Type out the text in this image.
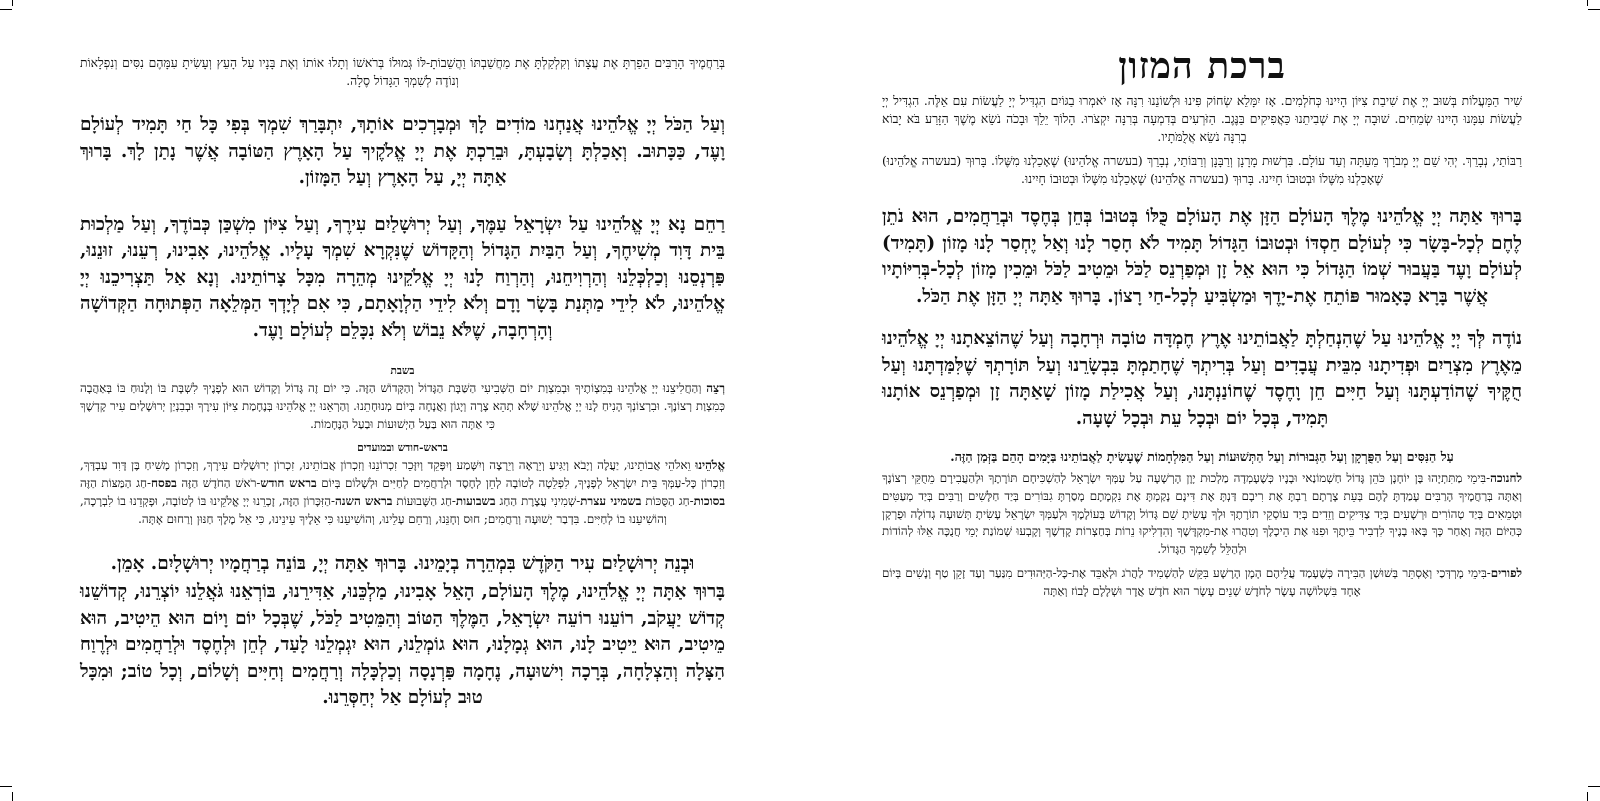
ברכת המזון

שִׁיר הַמַּעֲלוֹת בְּשׁוּב יְיָ אֶת שִׁיבַת צִיּוֹן הָיִינוּ כְּחֹלְמִים. אָז יִמָּלֵא שְׂחוֹק פִּינוּ וּלְשׁוֹנֵנוּ רִנָּה אָז יֹאמְרוּ בַגּוֹיִם הִגְדִּיל יְיָ לַעֲשׂוֹת עִם אֵלֶּה. הִגְדִּיל יְיָ לַעֲשׂוֹת עִמָּנוּ הָיִינוּ שְׂמֵחִים. שׁוּבָה יְיָ אֶת שְׁבִיתֵנוּ כַּאֲפִיקִים בַּנֶּגֶב. הַזֹּרְעִים בְּדִמְעָה בְּרִנָּה יִקְצֹרוּ. הָלוֹךְ יֵלֵךְ וּבָכֹה נֹשֵׂא מֶשֶׁךְ הַזָּרַע בֹּא יָבוֹא בְרִנָּה נֹשֵׂא אֲלֻמֹּתָיו.

רַבּוֹתַי, נְבָרֵךְ. יְהִי שֵׁם יְיָ מְבֹרָךְ מֵעַתָּה וְעַד עוֹלָם. בִּרְשׁוּת מָרָנָן וְרַבָּנָן וְרַבּוֹתַי, נְבָרֵךְ (בעשרה אֱלֹהֵינוּ) שֶׁאָכַלְנוּ מִשֶּׁלוֹ. בָּרוּךְ (בעשרה אֱלֹהֵינוּ) שֶׁאָכַלְנוּ מִשֶּׁלוֹ וּבְטוּבוֹ חָיִינוּ. בָּרוּךְ (בעשרה אֱלֹהֵינוּ) שֶׁאָכַלְנוּ מִשֶּׁלוֹ וּבְטוּבוֹ חָיִינוּ.

בָּרוּךְ אַתָּה יְיָ אֱלֹהֵינוּ מֶלֶךְ הָעוֹלָם הַזָּן אֶת הָעוֹלָם כֻּלּוֹ בְּטוּבוֹ בְּחֵן בְּחֶסֶד וּבְרַחֲמִים, הוּא נֹתֵן לֶחֶם לְכָל-בָּשָׂר כִּי לְעוֹלָם חַסְדּוֹ וּבְטוּבוֹ הַגָּדוֹל תָּמִיד לֹא חָסַר לָנוּ וְאַל יֶחְסַר לָנוּ מָזוֹן (תָּמִיד) לְעוֹלָם וָעֶד בַּעֲבוּר שְׁמוֹ הַגָּדוֹל כִּי הוּא אֵל זָן וּמְפַרְנֵס לַכֹּל וּמֵטִיב לַכֹּל וּמֵכִין מָזוֹן לְכָל-בְּרִיּוֹתָיו אֲשֶׁר בָּרָא כָּאָמוּר פּוֹתֵחַ אֶת-יָדֶךָ וּמַשְׂבִּיעַ לְכָל-חַי רָצוֹן. בָּרוּךְ אַתָּה יְיָ הַזָּן אֶת הַכֹּל.

נוֹדֶה לְּךָ יְיָ אֱלֹהֵינוּ עַל שֶׁהִנְחַלְתָּ לַאֲבוֹתֵינוּ אֶרֶץ חֶמְדָּה טוֹבָה וּרְחָבָה וְעַל שֶׁהוֹצֵאתָנוּ יְיָ אֱלֹהֵינוּ מֵאֶרֶץ מִצְרַיִם וּפְדִיתָנוּ מִבֵּית עֲבָדִים וְעַל בְּרִיתְךָ שֶׁחָתַמְתָּ בִּבְשָׂרֵנוּ וְעַל תּוֹרָתְךָ שֶׁלִּמַּדְתָּנוּ וְעַל חֻקֶּיךָ שֶׁהוֹדַעְתָּנוּ וְעַל חַיִּים חֵן וָחֶסֶד שֶׁחוֹנַנְתָּנוּ, וְעַל אֲכִילַת מָזוֹן שָׁאַתָּה זָן וּמְפַרְנֵס אוֹתָנוּ תָּמִיד, בְּכָל יוֹם וּבְכָל עֵת וּבְכָל שָׁעָה.

עַל הַנִּסִּים וְעַל הַפֻּרְקָן וְעַל הַגְּבוּרוֹת וְעַל הַתְּשׁוּעוֹת וְעַל הַמִּלְחָמוֹת שֶׁעָשִׂיתָ לַאֲבוֹתֵינוּ בַּיָּמִים הָהֵם בַּזְּמַן הַזֶּה.

לחנוכה-בִּימֵי מַתִּתְיָהוּ בֶּן יוֹחָנָן כֹּהֵן גָּדוֹל חַשְׁמוֹנַאי וּבָנָיו כְּשֶׁעָמְדָה מַלְכוּת יָוָן הָרְשָׁעָה עַל עַמְּךָ יִשְׂרָאֵל לְהַשְׁכִּיחָם תּוֹרָתֶךָ וּלְהַעֲבִירָם מֵחֻקֵּי רְצוֹנֶךָ וְאַתָּה בְּרַחֲמֶיךָ הָרַבִּים עָמַדְתָּ לָהֶם בְּעֵת צָרָתָם רַבְתָּ אֶת רִיבָם דַּנְתָּ אֶת דִּינָם נָקַמְתָּ אֶת נִקְמָתָם מָסַרְתָּ גִבּוֹרִים בְּיַד חַלָּשִׁים וְרַבִּים בְּיַד מְעַטִּים וּטְמֵאִים בְּיַד טְהוֹרִים וּרְשָׁעִים בְּיַד צַדִּיקִים וְזֵדִים בְּיַד עוֹסְקֵי תוֹרָתֶךָ וּלְךָ עָשִׂיתָ שֵׁם גָּדוֹל וְקָדוֹשׁ בְּעוֹלָמֶךָ וּלְעַמְּךָ יִשְׂרָאֵל עָשִׂיתָ תְּשׁוּעָה גְדוֹלָה וּפֻרְקָן כְּהַיּוֹם הַזֶּה וְאַחַר כָּךְ בָּאוּ בָנֶיךָ לִדְבִיר בֵּיתֶךָ וּפִנּוּ אֶת הֵיכָלֶךָ וְטִהֲרוּ אֶת-מִקְדָּשֶׁךָ וְהִדְלִיקוּ נֵרוֹת בְּחַצְרוֹת קָדְשֶׁךָ וְקָבְעוּ שְׁמוֹנַת יְמֵי חֲנֻכָּה אֵלּוּ לְהוֹדוֹת וּלְהַלֵּל לְשִׁמְךָ הַגָּדוֹל.

לפורים-בִּימֵי מָרְדְּכַי וְאֶסְתֵּר בְּשׁוּשַׁן הַבִּירָה כְּשֶׁעָמַד עֲלֵיהֶם הָמָן הָרָשָׁע בִּקֵּשׁ לְהַשְׁמִיד לַהֲרֹג וּלְאַבֵּד אֶת-כָּל-הַיְּהוּדִים מִנַּעַר וְעַד זָקֵן טַף וְנָשִׁים בְּיוֹם אֶחָד בִּשְׁלוֹשָׁה עָשָׂר לְחֹדֶשׁ שְׁנֵים עָשָׂר הוּא חֹדֶשׁ אֲדָר וּשְׁלָלָם לָבוֹז וְאַתָּה

בְּרַחֲמֶיךָ הָרַבִּים הֵפַרְתָּ אֶת עֲצָתוֹ וְקִלְקַלְתָּ אֶת מַחֲשַׁבְתּוֹ וַהֲשֵׁבוֹתָ-לּוֹ גְּמוּלוֹ בְּרֹאשׁוֹ וְתָלוּ אוֹתוֹ וְאֶת בָּנָיו עַל הָעֵץ וְעָשִׂיתָ עִמָּהֶם נִסִּים וְנִפְלָאוֹת וְנוֹדֶה לְשִׁמְךָ הַגָּדוֹל סֶלָה.

וְעַל הַכֹּל יְיָ אֱלֹהֵינוּ אֲנַחְנוּ מוֹדִים לָךְ וּמְבָרְכִים אוֹתָךְ, יִתְבָּרַךְ שִׁמְךָ בְּפִי כָּל חַי תָּמִיד לְעוֹלָם וָעֶד, כַּכָּתוּב. וְאָכַלְתָּ וְשָׂבָעְתָּ, וּבֵרַכְתָּ אֶת יְיָ אֱלֹקֶיךָ עַל הָאָרֶץ הַטּוֹבָה אֲשֶׁר נָתַן לָךְ. בָּרוּךְ אַתָּה יְיָ, עַל הָאָרֶץ וְעַל הַמָּזוֹן.

רַחֵם נָא יְיָ אֱלֹהֵינוּ עַל יִשְׂרָאֵל עַמֶּךָ, וְעַל יְרוּשָׁלַיִם עִירֶךָ, וְעַל צִיּוֹן מִשְׁכַּן כְּבוֹדֶךָ, וְעַל מַלְכוּת בֵּית דָּוִד מְשִׁיחֶךָ, וְעַל הַבַּיִת הַגָּדוֹל וְהַקָּדוֹשׁ שֶׁנִּקְרָא שִׁמְךָ עָלָיו. אֱלֹהֵינוּ, אָבִינוּ, רְעֵנוּ, זוּנֵנוּ, פַּרְנְסֵנוּ וְכַלְכְּלֵנוּ וְהַרְוִיחֵנוּ, וְהַרְוַח לָנוּ יְיָ אֱלֹקֵינוּ מְהֵרָה מִכָּל צָרוֹתֵינוּ. וְנָא אַל תַּצְרִיכֵנוּ יְיָ אֱלֹהֵינוּ, לֹא לִידֵי מַתְּנַת בָּשָׂר וָדָם וְלֹא לִידֵי הַלְוָאָתָם, כִּי אִם לְיָדְךָ הַמְּלֵאָה הַפְּתוּחָה הַקְּדוֹשָׁה וְהָרְחָבָה, שֶׁלֹּא נֵבוֹשׁ וְלֹא נִכָּלֵם לְעוֹלָם וָעֶד.

בשבת

רְצֵה וְהַחֲלִיצֵנוּ יְיָ אֱלֹהֵינוּ בְּמִצְוֹתֶיךָ וּבְמִצְוַת יוֹם הַשְּׁבִיעִי הַשַּׁבָּת הַגָּדוֹל וְהַקָּדוֹשׁ הַזֶּה. כִּי יוֹם זֶה גָּדוֹל וְקָדוֹשׁ הוּא לְפָנֶיךָ לִשְׁבָּת בּוֹ וְלָנוּחַ בּוֹ בְּאַהֲבָה כְּמִצְוַת רְצוֹנֶךָ. וּבִרְצוֹנְךָ הָנִיחַ לָנוּ יְיָ אֱלֹהֵינוּ שֶׁלֹּא תְהֵא צָרָה וְיָגוֹן וַאֲנָחָה בְּיוֹם מְנוּחָתֵנוּ. וְהַרְאֵנוּ יְיָ אֱלֹהֵינוּ בְּנֶחָמַת צִיּוֹן עִירֶךָ וּבְבִנְיַן יְרוּשָׁלַיִם עִיר קָדְשֶׁךָ כִּי אַתָּה הוּא בַּעַל הַיְשׁוּעוֹת וּבַעַל הַנֶּחָמוֹת.

בראש-חודש ובמועדים

אֱלֹהֵינוּ וֵאלֹהֵי אֲבוֹתֵינוּ, יַעֲלֶה וְיָבֹא וְיַגִּיעַ וְיֵרָאֶה וְיֵרָצֶה וְיִשָּׁמַע וְיִפָּקֵד וְיִזָּכֵר זִכְרוֹנֵנוּ וְזִכְרוֹן אֲבוֹתֵינוּ, זִכְרוֹן יְרוּשָׁלַיִם עִירָךְ, וְזִכְרוֹן מָשִׁיחַ בֶּן דָּוִד עַבְדָּךְ, וְזִכְרוֹן כָּל-עַמְּךָ בֵּית יִשְׂרָאֵל לְפָנֶיךָ, לִפְלֵטָה לְטוֹבָה לְחֵן לְחֶסֶד וּלְרַחֲמִים לְחַיִּים וּלְשָׁלוֹם בְּיוֹם בראש חודש-רֹאשׁ הַחֹדֶשׁ הַזֶּה בפסח-חַג הַמַּצּוֹת הַזֶּה בסוכות-חַג הַסֻּכּוֹת בשמיני עצרת-שְׁמִינִי עֲצֶרֶת הַחַג בשבועות-חַג הַשָּׁבוּעוֹת בראש השנה-הַזִּכָּרוֹן הַזֶּה, זָכְרֵנוּ יְיָ אֱלֹקֵינוּ בּוֹ לְטוֹבָה, וּפָקְדֵנוּ בוֹ לִבְרָכָה, וְהוֹשִׁיעֵנוּ בוֹ לְחַיִּים. בִּדְבַר יְשׁוּעָה וְרַחֲמִים; חוּס וְחָנֵּנוּ, וְרַחֵם עָלֵינוּ, וְהוֹשִׁיעֵנוּ כִּי אֵלֶיךָ עֵינֵינוּ, כִּי אֵל מֶלֶךְ חַנּוּן וְרַחוּם אָתָּה.

וּבְנֵה יְרוּשָׁלַיִם עִיר הַקֹּדֶשׁ בִּמְהֵרָה בְיָמֵינוּ. בָּרוּךְ אַתָּה יְיָ, בּוֹנֵה בְרַחֲמָיו יְרוּשָׁלָיִם. אָמֵן.

בָּרוּךְ אַתָּה יְיָ אֱלֹהֵינוּ, מֶלֶךְ הָעוֹלָם, הָאֵל אָבִינוּ, מַלְכֵּנוּ, אַדִּירֵנוּ, בּוֹרְאֵנוּ גֹּאֲלֵנוּ יוֹצְרֵנוּ, קְדוֹשֵׁנוּ קְדוֹשׁ יַעֲקֹב, רוֹעֵנוּ רוֹעֵה יִשְׂרָאֵל, הַמֶּלֶךְ הַטּוֹב וְהַמֵּטִיב לַכֹּל, שֶׁבְּכָל יוֹם וָיוֹם הוּא הֵיטִיב, הוּא מֵיטִיב, הוּא יֵיטִיב לָנוּ, הוּא גְמָלָנוּ, הוּא גוֹמְלֵנוּ, הוּא יִגְמְלֵנוּ לָעַד, לְחֵן וּלְחֶסֶד וּלְרַחֲמִים וּלְרֶוַח הַצָּלָה וְהַצְלָחָה, בְּרָכָה וִישׁוּעָה, נֶחָמָה פַּרְנָסָה וְכַלְכָּלָה וְרַחֲמִים וְחַיִּים וְשָׁלוֹם, וְכָל טוֹב; וּמִכָּל טוּב לְעוֹלָם אַל יְחַסְּרֵנוּ.
